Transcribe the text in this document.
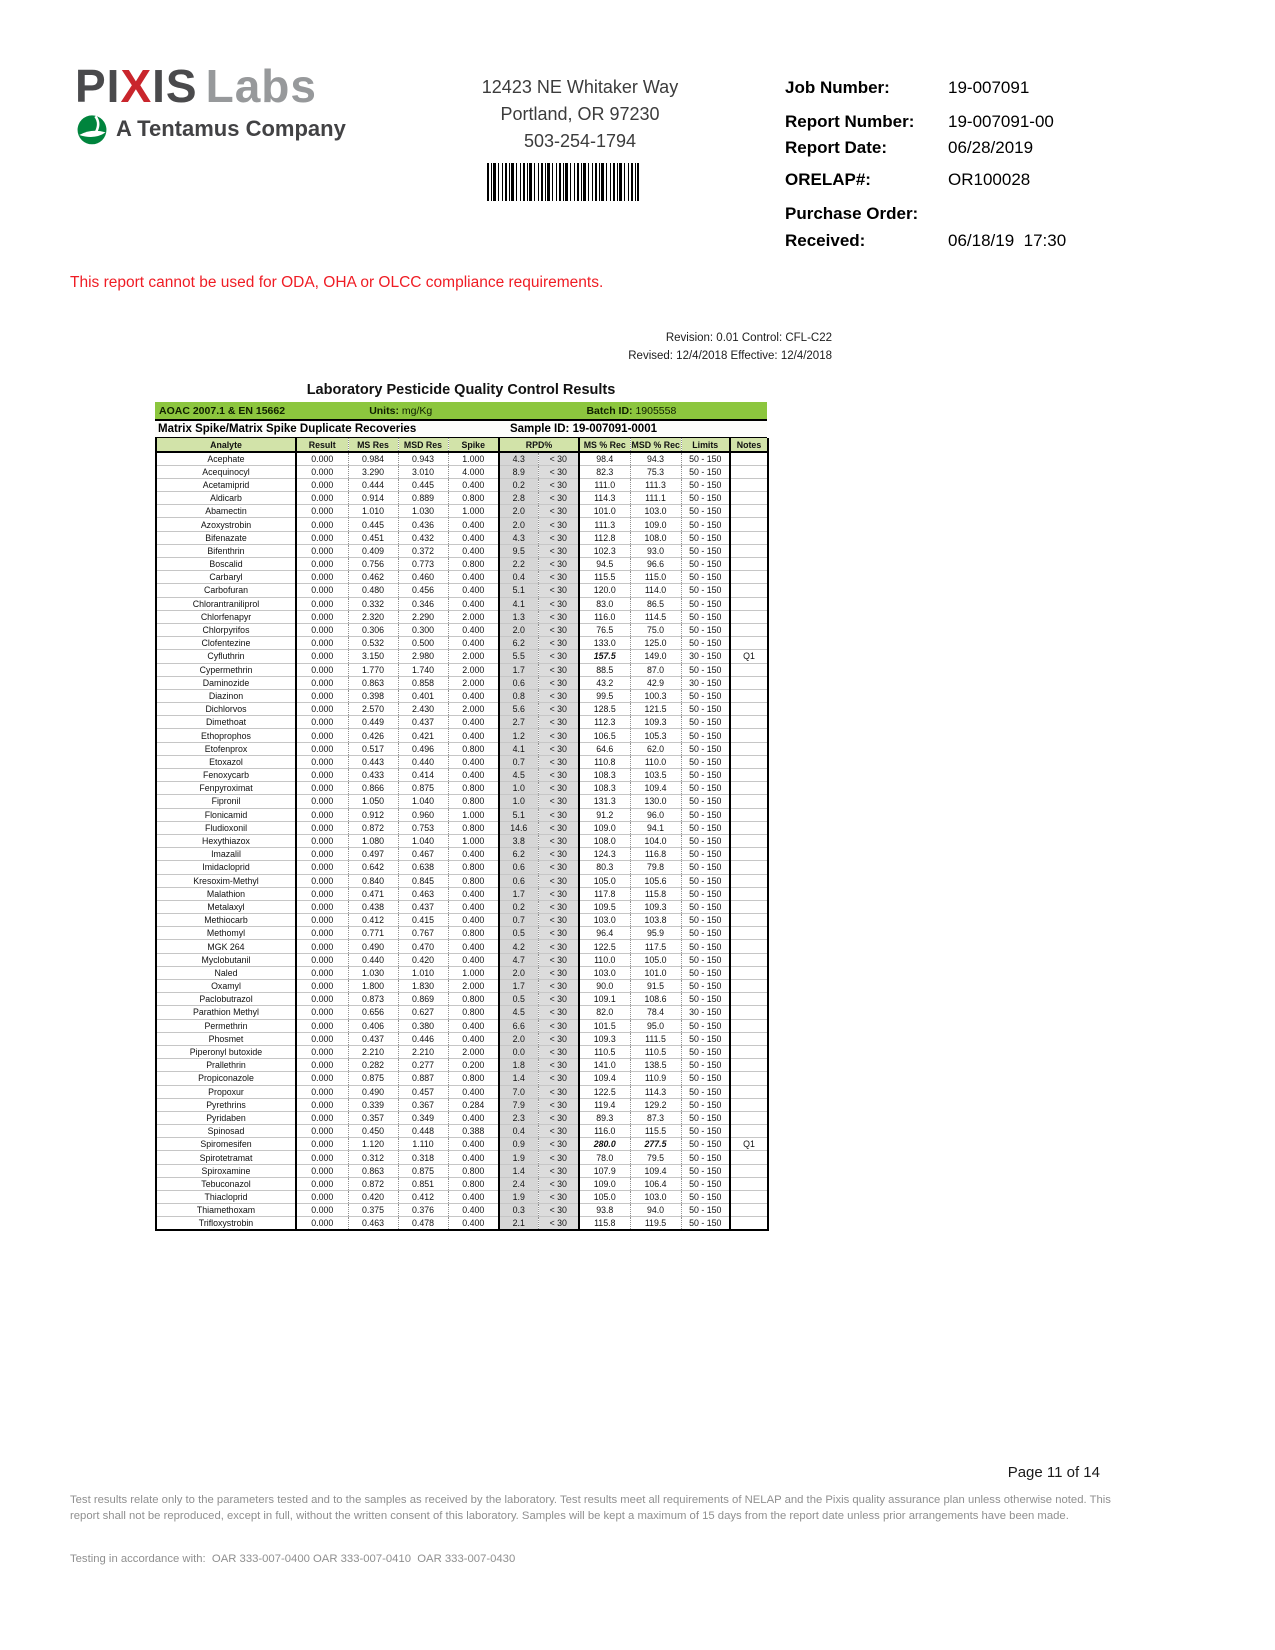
PIXIS Labs
A Tentamus Company
12423 NE Whitaker Way
Portland, OR 97230
503-254-1794
Job Number:	19-007091
Report Number: 19-007091-00
Report Date:	06/28/2019
ORELAP#:	OR100028
Purchase Order:
Received:	06/18/19  17:30
This report cannot be used for ODA, OHA or OLCC compliance requirements.
Revision: 0.01 Control: CFL-C22
Revised: 12/4/2018 Effective: 12/4/2018
Laboratory Pesticide Quality Control Results
AOAC 2007.1 & EN 15662	Units: mg/Kg	Batch ID: 1905558
Matrix Spike/Matrix Spike Duplicate Recoveries	Sample ID: 19-007091-0001
Analyte	Result	MS Res	MSD Res	Spike	RPD%		MS % Rec	MSD % Rec	Limits	Notes
Acephate	0.000	0.984	0.943	1.000	4.3	< 30	98.4	94.3	50 - 150	
Acequinocyl	0.000	3.290	3.010	4.000	8.9	< 30	82.3	75.3	50 - 150	
Acetamiprid	0.000	0.444	0.445	0.400	0.2	< 30	111.0	111.3	50 - 150	
Aldicarb	0.000	0.914	0.889	0.800	2.8	< 30	114.3	111.1	50 - 150	
Abamectin	0.000	1.010	1.030	1.000	2.0	< 30	101.0	103.0	50 - 150	
Azoxystrobin	0.000	0.445	0.436	0.400	2.0	< 30	111.3	109.0	50 - 150	
Bifenazate	0.000	0.451	0.432	0.400	4.3	< 30	112.8	108.0	50 - 150	
Bifenthrin	0.000	0.409	0.372	0.400	9.5	< 30	102.3	93.0	50 - 150	
Boscalid	0.000	0.756	0.773	0.800	2.2	< 30	94.5	96.6	50 - 150	
Carbaryl	0.000	0.462	0.460	0.400	0.4	< 30	115.5	115.0	50 - 150	
Carbofuran	0.000	0.480	0.456	0.400	5.1	< 30	120.0	114.0	50 - 150	
Chlorantraniliprol	0.000	0.332	0.346	0.400	4.1	< 30	83.0	86.5	50 - 150	
Chlorfenapyr	0.000	2.320	2.290	2.000	1.3	< 30	116.0	114.5	50 - 150	
Chlorpyrifos	0.000	0.306	0.300	0.400	2.0	< 30	76.5	75.0	50 - 150	
Clofentezine	0.000	0.532	0.500	0.400	6.2	< 30	133.0	125.0	50 - 150	
Cyfluthrin	0.000	3.150	2.980	2.000	5.5	< 30	157.5	149.0	30 - 150	Q1
Cypermethrin	0.000	1.770	1.740	2.000	1.7	< 30	88.5	87.0	50 - 150	
Daminozide	0.000	0.863	0.858	2.000	0.6	< 30	43.2	42.9	30 - 150	
Diazinon	0.000	0.398	0.401	0.400	0.8	< 30	99.5	100.3	50 - 150	
Dichlorvos	0.000	2.570	2.430	2.000	5.6	< 30	128.5	121.5	50 - 150	
Dimethoat	0.000	0.449	0.437	0.400	2.7	< 30	112.3	109.3	50 - 150	
Ethoprophos	0.000	0.426	0.421	0.400	1.2	< 30	106.5	105.3	50 - 150	
Etofenprox	0.000	0.517	0.496	0.800	4.1	< 30	64.6	62.0	50 - 150	
Etoxazol	0.000	0.443	0.440	0.400	0.7	< 30	110.8	110.0	50 - 150	
Fenoxycarb	0.000	0.433	0.414	0.400	4.5	< 30	108.3	103.5	50 - 150	
Fenpyroximat	0.000	0.866	0.875	0.800	1.0	< 30	108.3	109.4	50 - 150	
Fipronil	0.000	1.050	1.040	0.800	1.0	< 30	131.3	130.0	50 - 150	
Flonicamid	0.000	0.912	0.960	1.000	5.1	< 30	91.2	96.0	50 - 150	
Fludioxonil	0.000	0.872	0.753	0.800	14.6	< 30	109.0	94.1	50 - 150	
Hexythiazox	0.000	1.080	1.040	1.000	3.8	< 30	108.0	104.0	50 - 150	
Imazalil	0.000	0.497	0.467	0.400	6.2	< 30	124.3	116.8	50 - 150	
Imidacloprid	0.000	0.642	0.638	0.800	0.6	< 30	80.3	79.8	50 - 150	
Kresoxim-Methyl	0.000	0.840	0.845	0.800	0.6	< 30	105.0	105.6	50 - 150	
Malathion	0.000	0.471	0.463	0.400	1.7	< 30	117.8	115.8	50 - 150	
Metalaxyl	0.000	0.438	0.437	0.400	0.2	< 30	109.5	109.3	50 - 150	
Methiocarb	0.000	0.412	0.415	0.400	0.7	< 30	103.0	103.8	50 - 150	
Methomyl	0.000	0.771	0.767	0.800	0.5	< 30	96.4	95.9	50 - 150	
MGK 264	0.000	0.490	0.470	0.400	4.2	< 30	122.5	117.5	50 - 150	
Myclobutanil	0.000	0.440	0.420	0.400	4.7	< 30	110.0	105.0	50 - 150	
Naled	0.000	1.030	1.010	1.000	2.0	< 30	103.0	101.0	50 - 150	
Oxamyl	0.000	1.800	1.830	2.000	1.7	< 30	90.0	91.5	50 - 150	
Paclobutrazol	0.000	0.873	0.869	0.800	0.5	< 30	109.1	108.6	50 - 150	
Parathion Methyl	0.000	0.656	0.627	0.800	4.5	< 30	82.0	78.4	30 - 150	
Permethrin	0.000	0.406	0.380	0.400	6.6	< 30	101.5	95.0	50 - 150	
Phosmet	0.000	0.437	0.446	0.400	2.0	< 30	109.3	111.5	50 - 150	
Piperonyl butoxide	0.000	2.210	2.210	2.000	0.0	< 30	110.5	110.5	50 - 150	
Prallethrin	0.000	0.282	0.277	0.200	1.8	< 30	141.0	138.5	50 - 150	
Propiconazole	0.000	0.875	0.887	0.800	1.4	< 30	109.4	110.9	50 - 150	
Propoxur	0.000	0.490	0.457	0.400	7.0	< 30	122.5	114.3	50 - 150	
Pyrethrins	0.000	0.339	0.367	0.284	7.9	< 30	119.4	129.2	50 - 150	
Pyridaben	0.000	0.357	0.349	0.400	2.3	< 30	89.3	87.3	50 - 150	
Spinosad	0.000	0.450	0.448	0.388	0.4	< 30	116.0	115.5	50 - 150	
Spiromesifen	0.000	1.120	1.110	0.400	0.9	< 30	280.0	277.5	50 - 150	Q1
Spirotetramat	0.000	0.312	0.318	0.400	1.9	< 30	78.0	79.5	50 - 150	
Spiroxamine	0.000	0.863	0.875	0.800	1.4	< 30	107.9	109.4	50 - 150	
Tebuconazol	0.000	0.872	0.851	0.800	2.4	< 30	109.0	106.4	50 - 150	
Thiacloprid	0.000	0.420	0.412	0.400	1.9	< 30	105.0	103.0	50 - 150	
Thiamethoxam	0.000	0.375	0.376	0.400	0.3	< 30	93.8	94.0	50 - 150	
Trifloxystrobin	0.000	0.463	0.478	0.400	2.1	< 30	115.8	119.5	50 - 150	
Page 11 of 14
Test results relate only to the parameters tested and to the samples as received by the laboratory. Test results meet all requirements of NELAP and the Pixis quality assurance plan unless otherwise noted. This report shall not be reproduced, except in full, without the written consent of this laboratory. Samples will be kept a maximum of 15 days from the report date unless prior arrangements have been made.
Testing in accordance with:  OAR 333-007-0400 OAR 333-007-0410  OAR 333-007-0430
